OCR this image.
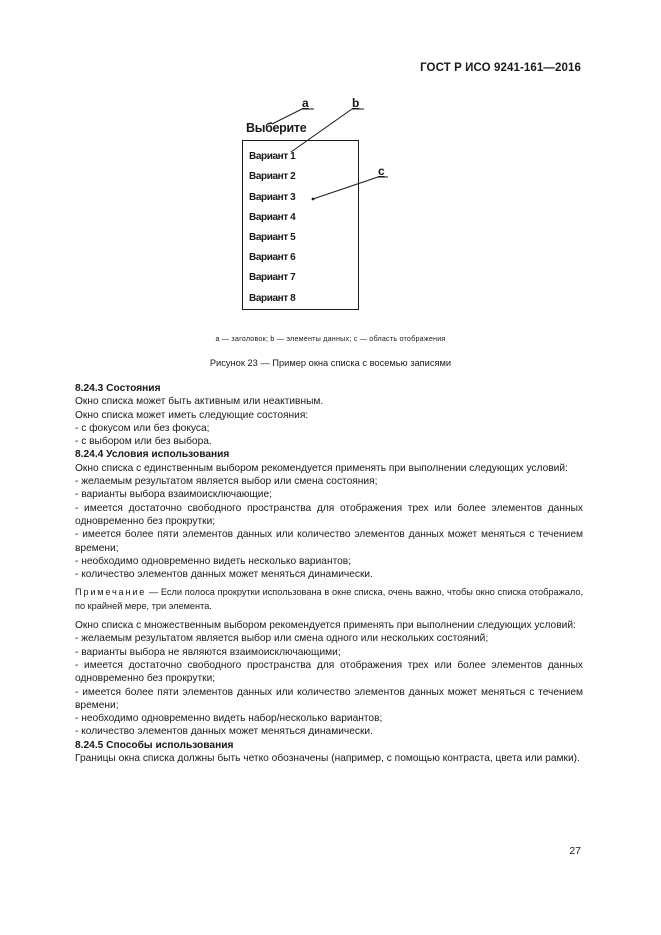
ГОСТ Р ИСО 9241-161—2016
a	b
c
Выберите
Вариант 1
Вариант 2
Вариант 3
Вариант 4
Вариант 5
Вариант 6
Вариант 7
Вариант 8
a — заголовок; b — элементы данных; c — область отображения
Рисунок 23 — Пример окна списка с восемью записями

8.24.3 Состояния

Окно списка может быть активным или неактивным.

Окно списка может иметь следующие состояния:

- с фокусом или без фокуса;

- с выбором или без выбора.

8.24.4 Условия использования

Окно списка с единственным выбором рекомендуется применять при выполнении следующих условий:

- желаемым результатом является выбор или смена состояния;

- варианты выбора взаимоисключающие;

- имеется достаточно свободного пространства для отображения трех или более элементов данных одновременно без прокрутки;

- имеется более пяти элементов данных или количество элементов данных может меняться с течением времени;

- необходимо одновременно видеть несколько вариантов;

- количество элементов данных может меняться динамически.

Примечание — Если полоса прокрутки использована в окне списка, очень важно, чтобы окно списка отображало, по крайней мере, три элемента.

Окно списка с множественным выбором рекомендуется применять при выполнении следующих условий:

- желаемым результатом является выбор или смена одного или нескольких состояний;

- варианты выбора не являются взаимоисключающими;

- имеется достаточно свободного пространства для отображения трех или более элементов данных одновременно без прокрутки;

- имеется более пяти элементов данных или количество элементов данных может меняться с течением времени;

- необходимо одновременно видеть набор/несколько вариантов;

- количество элементов данных может меняться динамически.

8.24.5 Способы использования

Границы окна списка должны быть четко обозначены (например, с помощью контраста, цвета или рамки).

27
